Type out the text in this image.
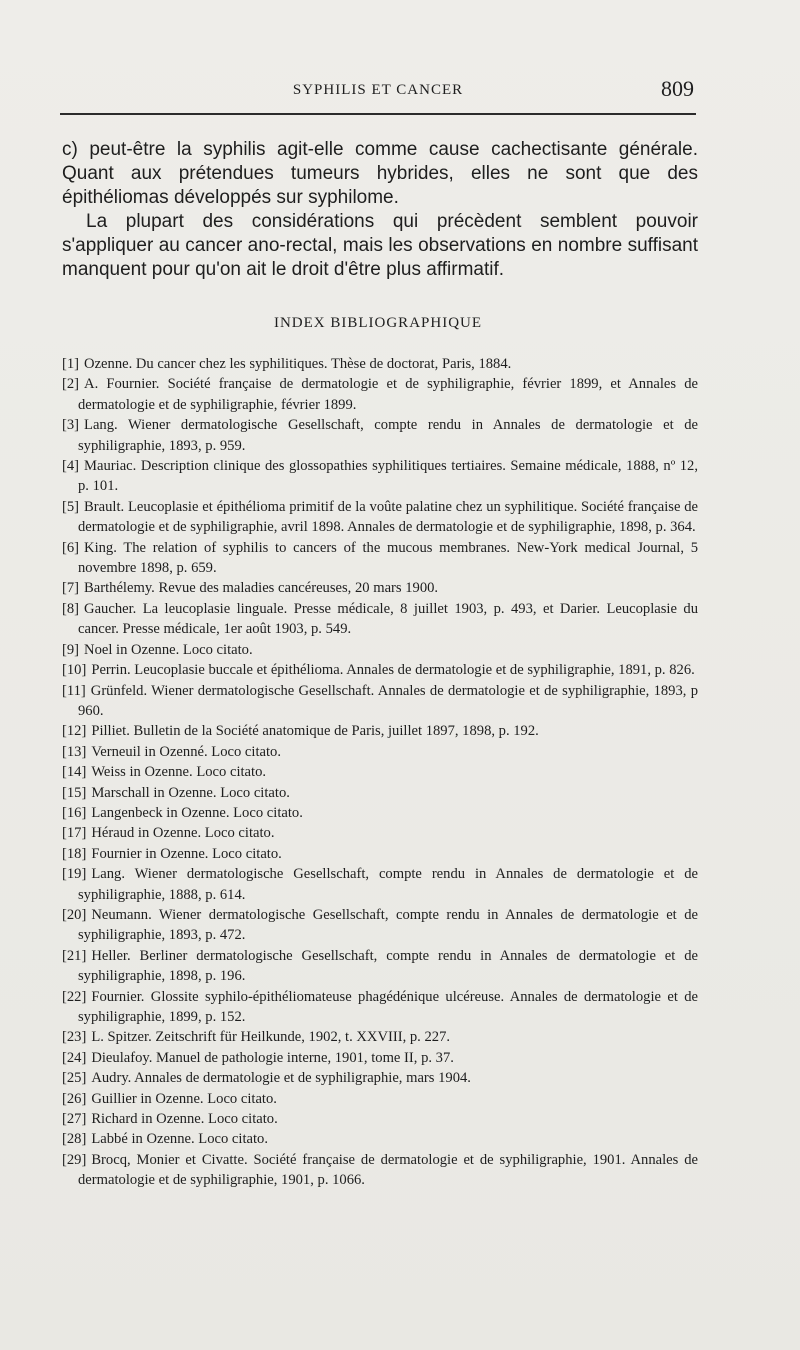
SYPHILIS ET CANCER	809

c) peut-être la syphilis agit-elle comme cause cachectisante générale. Quant aux prétendues tumeurs hybrides, elles ne sont que des épithéliomas développés sur syphilome.

La plupart des considérations qui précèdent semblent pouvoir s'appliquer au cancer ano-rectal, mais les observations en nombre suffisant manquent pour qu'on ait le droit d'être plus affirmatif.

INDEX BIBLIOGRAPHIQUE
[1] Ozenne. Du cancer chez les syphilitiques. Thèse de doctorat, Paris, 1884.
[2] A. Fournier. Société française de dermatologie et de syphiligraphie, février 1899, et Annales de dermatologie et de syphiligraphie, février 1899.
[3] Lang. Wiener dermatologische Gesellschaft, compte rendu in Annales de dermatologie et de syphiligraphie, 1893, p. 959.
[4] Mauriac. Description clinique des glossopathies syphilitiques tertiaires. Semaine médicale, 1888, nº 12, p. 101.
[5] Brault. Leucoplasie et épithélioma primitif de la voûte palatine chez un syphilitique. Société française de dermatologie et de syphiligraphie, avril 1898. Annales de dermatologie et de syphiligraphie, 1898, p. 364.
[6] King. The relation of syphilis to cancers of the mucous membranes. New-York medical Journal, 5 novembre 1898, p. 659.
[7] Barthélemy. Revue des maladies cancéreuses, 20 mars 1900.
[8] Gaucher. La leucoplasie linguale. Presse médicale, 8 juillet 1903, p. 493, et Darier. Leucoplasie du cancer. Presse médicale, 1er août 1903, p. 549.
[9] Noel in Ozenne. Loco citato.
[10] Perrin. Leucoplasie buccale et épithélioma. Annales de dermatologie et de syphiligraphie, 1891, p. 826.
[11] Grünfeld. Wiener dermatologische Gesellschaft. Annales de dermatologie et de syphiligraphie, 1893, p 960.
[12] Pilliet. Bulletin de la Société anatomique de Paris, juillet 1897, 1898, p. 192.
[13] Verneuil in Ozenné. Loco citato.
[14] Weiss in Ozenne. Loco citato.
[15] Marschall in Ozenne. Loco citato.
[16] Langenbeck in Ozenne. Loco citato.
[17] Héraud in Ozenne. Loco citato.
[18] Fournier in Ozenne. Loco citato.
[19] Lang. Wiener dermatologische Gesellschaft, compte rendu in Annales de dermatologie et de syphiligraphie, 1888, p. 614.
[20] Neumann. Wiener dermatologische Gesellschaft, compte rendu in Annales de dermatologie et de syphiligraphie, 1893, p. 472.
[21] Heller. Berliner dermatologische Gesellschaft, compte rendu in Annales de dermatologie et de syphiligraphie, 1898, p. 196.
[22] Fournier. Glossite syphilo-épithéliomateuse phagédénique ulcéreuse. Annales de dermatologie et de syphiligraphie, 1899, p. 152.
[23] L. Spitzer. Zeitschrift für Heilkunde, 1902, t. XXVIII, p. 227.
[24] Dieulafoy. Manuel de pathologie interne, 1901, tome II, p. 37.
[25] Audry. Annales de dermatologie et de syphiligraphie, mars 1904.
[26] Guillier in Ozenne. Loco citato.
[27] Richard in Ozenne. Loco citato.
[28] Labbé in Ozenne. Loco citato.
[29] Brocq, Monier et Civatte. Société française de dermatologie et de syphiligraphie, 1901. Annales de dermatologie et de syphiligraphie, 1901, p. 1066.
